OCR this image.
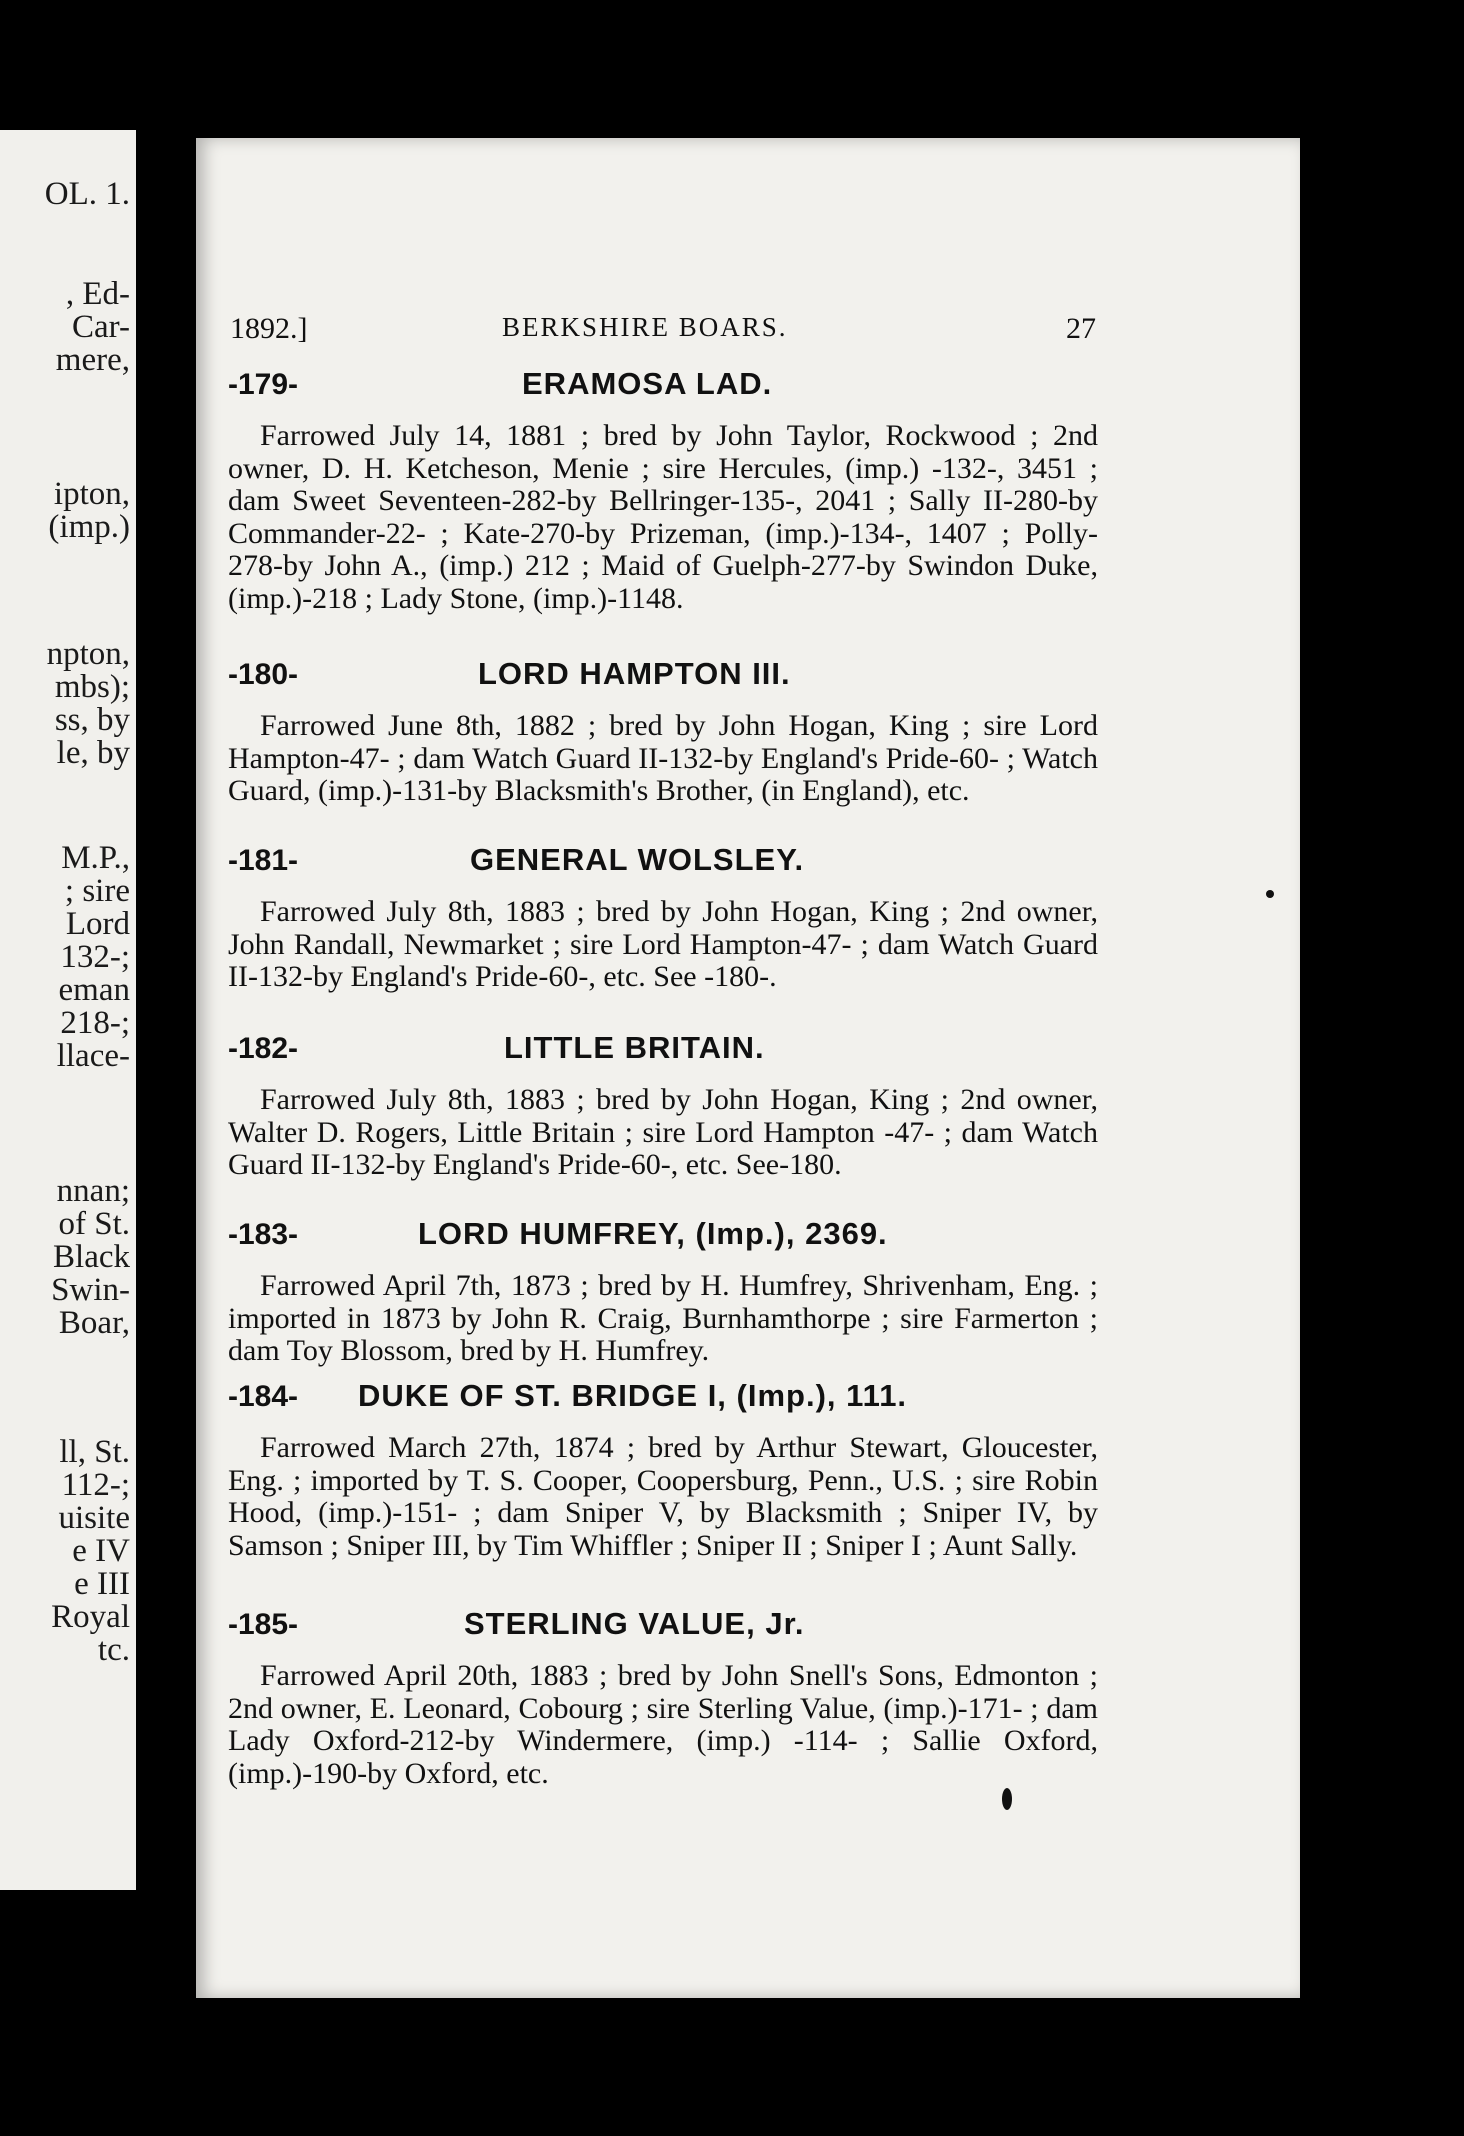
OL. 1.
, Ed-
Car-
mere,
ipton,
(imp.)
npton,
mbs);
ss, by
le, by
M.P.,
; sire
Lord
132-;
eman
218-;
llace-
nnan;
of St.
Black
Swin-
Boar,
ll, St.
112-;
uisite
e IV
e III
Royal
tc.
1892.]	BERKSHIRE BOARS.	27
-179-	ERAMOSA LAD.
Farrowed July 14, 1881 ; bred by John Taylor, Rockwood ; 2nd owner, D. H. Ketcheson, Menie ; sire Hercules, (imp.) -132-, 3451 ; dam Sweet Seventeen-282-by Bellringer-135-, 2041 ; Sally II-280-by Commander-22- ; Kate-270-by Prizeman, (imp.)-134-, 1407 ; Polly-278-by John A., (imp.) 212 ; Maid of Guelph-277-by Swindon Duke, (imp.)-218 ; Lady Stone, (imp.)-1148.
-180-	LORD HAMPTON III.
Farrowed June 8th, 1882 ; bred by John Hogan, King ; sire Lord Hampton-47- ; dam Watch Guard II-132-by England's Pride-60- ; Watch Guard, (imp.)-131-by Blacksmith's Brother, (in England), etc.
-181-	GENERAL WOLSLEY.
Farrowed July 8th, 1883 ; bred by John Hogan, King ; 2nd owner, John Randall, Newmarket ; sire Lord Hampton-47- ; dam Watch Guard II-132-by England's Pride-60-, etc. See -180-.
-182-	LITTLE BRITAIN.
Farrowed July 8th, 1883 ; bred by John Hogan, King ; 2nd owner, Walter D. Rogers, Little Britain ; sire Lord Hampton -47- ; dam Watch Guard II-132-by England's Pride-60-, etc. See-180.
-183-	LORD HUMFREY, (Imp.), 2369.
Farrowed April 7th, 1873 ; bred by H. Humfrey, Shrivenham, Eng. ; imported in 1873 by John R. Craig, Burnhamthorpe ; sire Farmerton ; dam Toy Blossom, bred by H. Humfrey.
-184- DUKE OF ST. BRIDGE I, (Imp.), 111.
Farrowed March 27th, 1874 ; bred by Arthur Stewart, Gloucester, Eng. ; imported by T. S. Cooper, Coopersburg, Penn., U.S. ; sire Robin Hood, (imp.)-151- ; dam Sniper V, by Blacksmith ; Sniper IV, by Samson ; Sniper III, by Tim Whiffler ; Sniper II ; Sniper I ; Aunt Sally.
-185-	STERLING VALUE, Jr.
Farrowed April 20th, 1883 ; bred by John Snell's Sons, Edmonton ; 2nd owner, E. Leonard, Cobourg ; sire Sterling Value, (imp.)-171- ; dam Lady Oxford-212-by Windermere, (imp.) -114- ; Sallie Oxford, (imp.)-190-by Oxford, etc.
